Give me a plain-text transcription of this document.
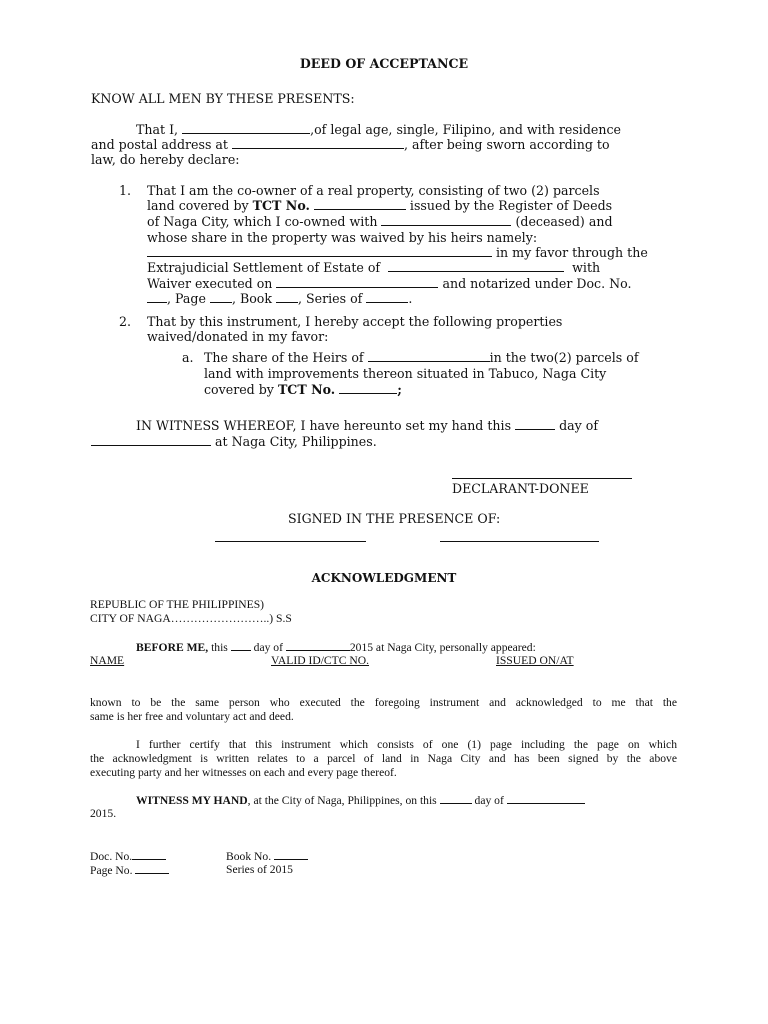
DEED OF ACCEPTANCE
KNOW ALL MEN BY THESE PRESENTS:
That I,	,of legal age, single, Filipino, and with residence
and postal address at	, after being sworn according to
law, do hereby declare:
1. That I am the co-owner of a real property, consisting of two (2) parcels
land covered by TCT No.	issued by the Register of Deeds
of Naga City, which I co-owned with	(deceased) and
whose share in the property was waived by his heirs namely:
in my favor through the
Extrajudicial Settlement of Estate of	with
Waiver executed on	and notarized under Doc. No.
, Page , Book , Series of	.
2. That by this instrument, I hereby accept the following properties
waived/donated in my favor:
a. The share of the Heirs of	in the two(2) parcels of
land with improvements thereon situated in Tabuco, Naga City
covered by TCT No.	;
IN WITNESS WHEREOF, I have hereunto set my hand this	day of
at Naga City, Philippines.
DECLARANT-DONEE
SIGNED IN THE PRESENCE OF:
ACKNOWLEDGMENT
REPUBLIC OF THE PHILIPPINES)
CITY OF NAGA……………………..) S.S
BEFORE ME, this day of	2015 at Naga City, personally appeared:
NAME	VALID ID/CTC NO.	ISSUED ON/AT
known to be the same person who executed the foregoing instrument and acknowledged to me that the
same is her free and voluntary act and deed.
I further certify that this instrument which consists of one (1) page including the page on which
the acknowledgment is written relates to a parcel of land in Naga City and has been signed by the above
executing party and her witnesses on each and every page thereof.
WITNESS MY HAND, at the City of Naga, Philippines, on this	day of
2015.
Doc. No.
Page No.
Book No.
Series of 2015
